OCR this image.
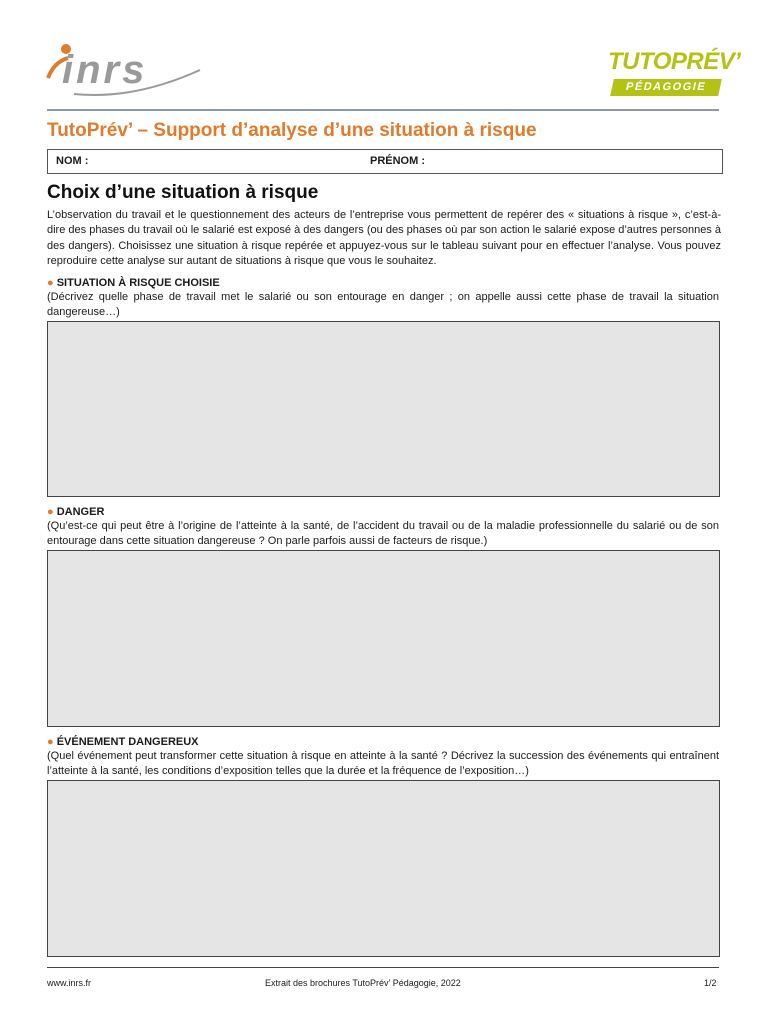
inrs	TUTOPRÉV’
PÉDAGOGIE
TutoPrév’ – Support d’analyse d’une situation à risque
NOM :	PRÉNOM :
Choix d’une situation à risque
L’observation du travail et le questionnement des acteurs de l’entreprise vous permettent de repérer des « situations à risque », c’est-à-dire des phases du travail où le salarié est exposé à des dangers (ou des phases où par son action le salarié expose d’autres personnes à des dangers). Choisissez une situation à risque repérée et appuyez-vous sur le tableau suivant pour en effectuer l’analyse. Vous pouvez reproduire cette analyse sur autant de situations à risque que vous le souhaitez.
● SITUATION À RISQUE CHOISIE
(Décrivez quelle phase de travail met le salarié ou son entourage en danger ; on appelle aussi cette phase de travail la situation dangereuse…)
● DANGER
(Qu’est-ce qui peut être à l’origine de l’atteinte à la santé, de l’accident du travail ou de la maladie professionnelle du salarié ou de son entourage dans cette situation dangereuse ? On parle parfois aussi de facteurs de risque.)
● ÉVÉNEMENT DANGEREUX
(Quel événement peut transformer cette situation à risque en atteinte à la santé ? Décrivez la succession des événements qui entraînent l’atteinte à la santé, les conditions d’exposition telles que la durée et la fréquence de l’exposition…)
www.inrs.fr	Extrait des brochures TutoPrév’ Pédagogie, 2022	1/2
